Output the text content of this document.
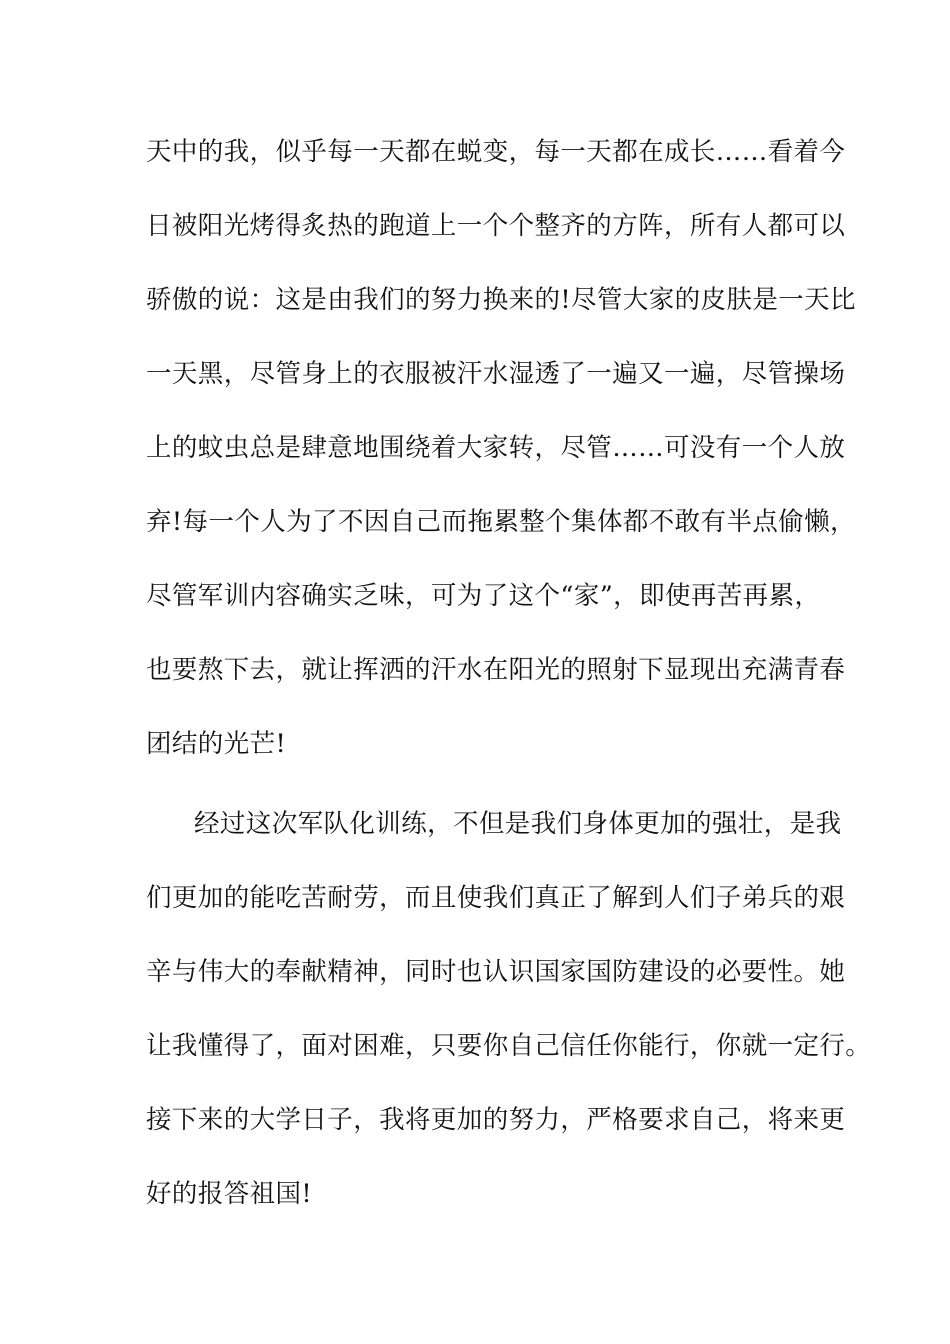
天中的我，似乎每一天都在蜕变，每一天都在成长……看着今
日被阳光烤得炙热的跑道上一个个整齐的方阵，所有人都可以
骄傲的说：这是由我们的努力换来的!尽管大家的皮肤是一天比
一天黑，尽管身上的衣服被汗水湿透了一遍又一遍，尽管操场
上的蚊虫总是肆意地围绕着大家转，尽管……可没有一个人放
弃!每一个人为了不因自己而拖累整个集体都不敢有半点偷懒，
尽管军训内容确实乏味，可为了这个“家”，即使再苦再累，
也要熬下去，就让挥洒的汗水在阳光的照射下显现出充满青春
团结的光芒!
经过这次军队化训练，不但是我们身体更加的强壮，是我
们更加的能吃苦耐劳，而且使我们真正了解到人们子弟兵的艰
辛与伟大的奉献精神，同时也认识国家国防建设的必要性。她
让我懂得了，面对困难，只要你自己信任你能行，你就一定行。
接下来的大学日子，我将更加的努力，严格要求自己，将来更
好的报答祖国!
